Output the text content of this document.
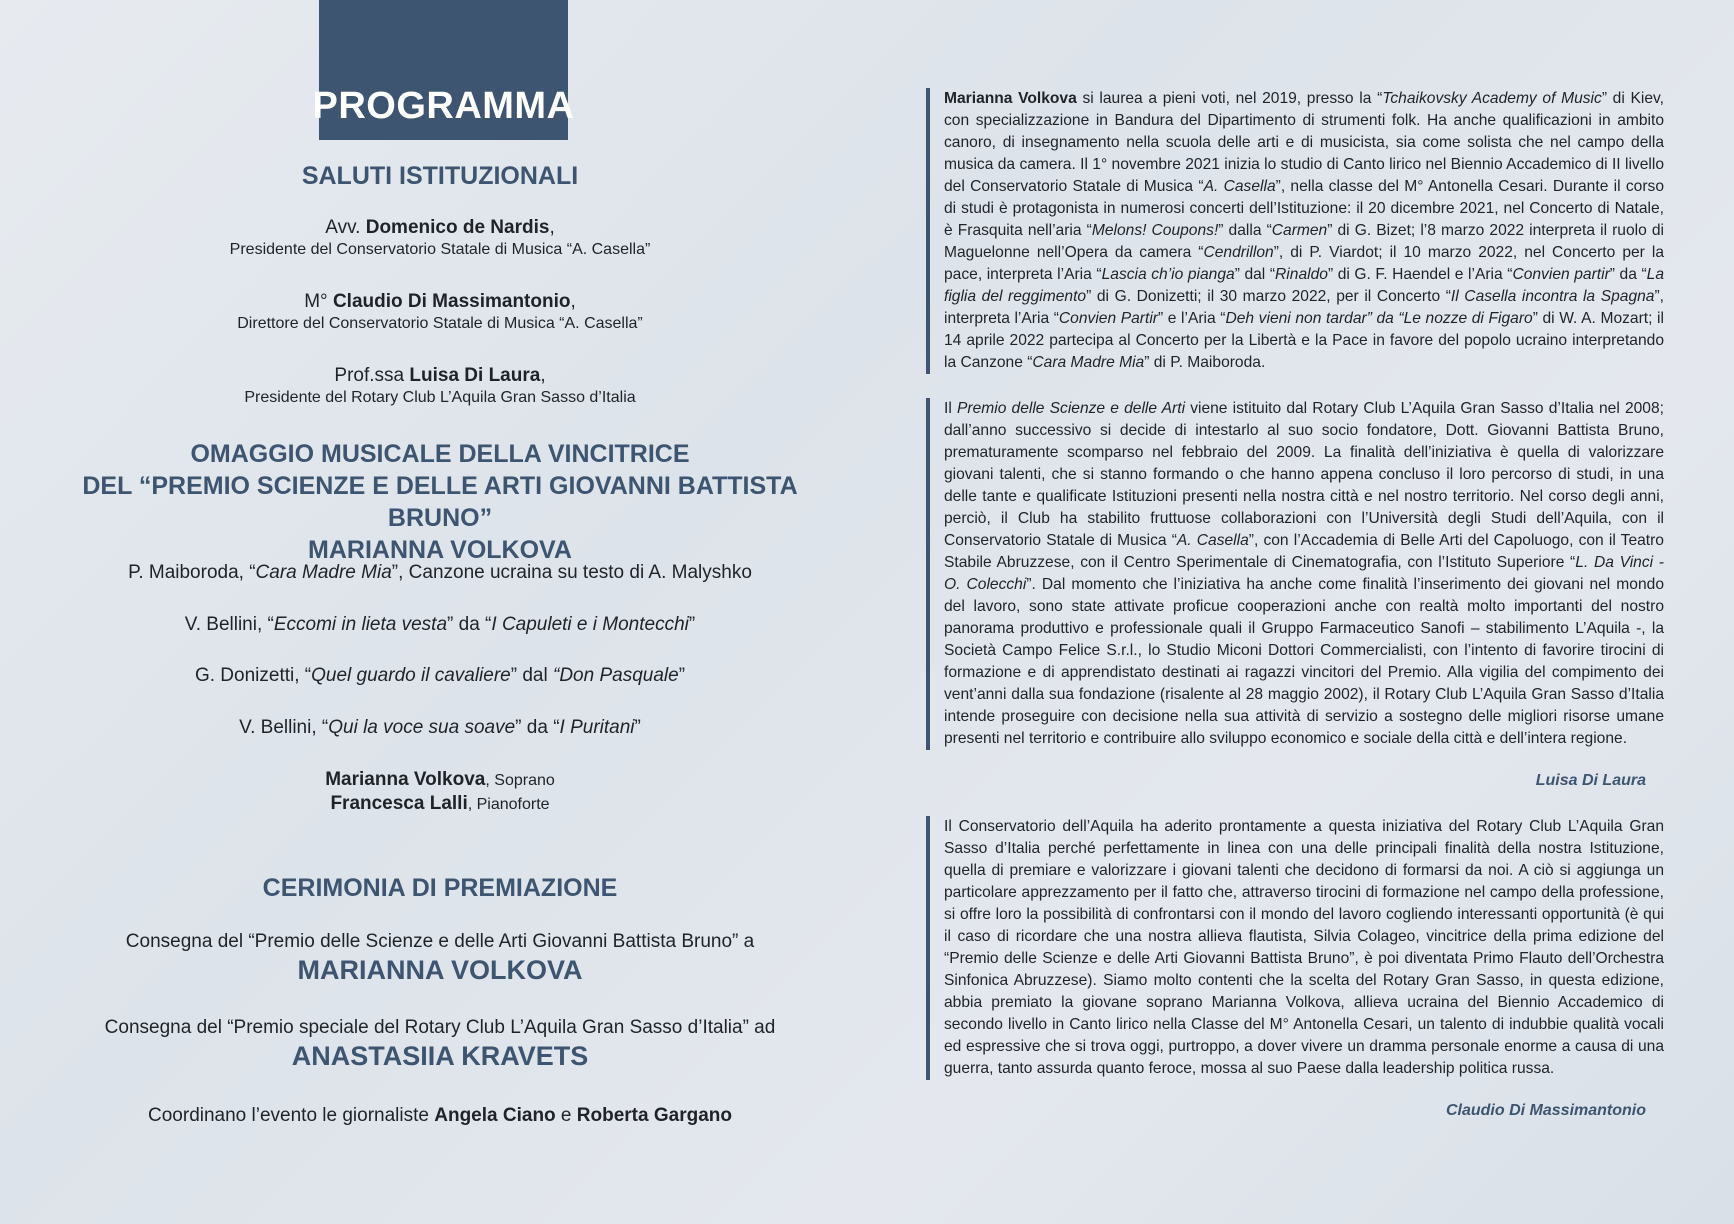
PROGRAMMA
SALUTI ISTITUZIONALI
Avv. Domenico de Nardis,
Presidente del Conservatorio Statale di Musica “A. Casella”
M° Claudio Di Massimantonio,
Direttore del Conservatorio Statale di Musica “A. Casella”
Prof.ssa Luisa Di Laura,
Presidente del Rotary Club L’Aquila Gran Sasso d’Italia
OMAGGIO MUSICALE DELLA VINCITRICE
DEL “PREMIO SCIENZE E DELLE ARTI GIOVANNI BATTISTA BRUNO”
MARIANNA VOLKOVA
P. Maiboroda, “Cara Madre Mia”, Canzone ucraina su testo di A. Malyshko
V. Bellini, “Eccomi in lieta vesta” da “I Capuleti e i Montecchi”
G. Donizetti, “Quel guardo il cavaliere” dal “Don Pasquale”
V. Bellini, “Qui la voce sua soave” da “I Puritani”
Marianna Volkova, Soprano
Francesca Lalli, Pianoforte
CERIMONIA DI PREMIAZIONE
Consegna del “Premio delle Scienze e delle Arti Giovanni Battista Bruno” a
MARIANNA VOLKOVA
Consegna del “Premio speciale del Rotary Club L’Aquila Gran Sasso d’Italia” ad
ANASTASIIA KRAVETS
Coordinano l’evento le giornaliste Angela Ciano e Roberta Gargano

Marianna Volkova si laurea a pieni voti, nel 2019, presso la “Tchaikovsky Academy of Music” di Kiev, con specializzazione in Bandura del Dipartimento di strumenti folk. Ha anche qualificazioni in ambito canoro, di insegnamento nella scuola delle arti e di musicista, sia come solista che nel campo della musica da camera. Il 1° novembre 2021 inizia lo studio di Canto lirico nel Biennio Accademico di II livello del Conservatorio Statale di Musica “A. Casella”, nella classe del M° Antonella Cesari. Durante il corso di studi è protagonista in numerosi concerti dell’Istituzione: il 20 dicembre 2021, nel Concerto di Natale, è Frasquita nell’aria “Melons! Coupons!” dalla “Carmen” di G. Bizet; l’8 marzo 2022 interpreta il ruolo di Maguelonne nell’Opera da camera “Cendrillon”, di P. Viardot; il 10 marzo 2022, nel Concerto per la pace, interpreta l’Aria “Lascia ch’io pianga” dal “Rinaldo” di G. F. Haendel e l’Aria “Convien partir” da “La figlia del reggimento” di G. Donizetti; il 30 marzo 2022, per il Concerto “Il Casella incontra la Spagna”, interpreta l’Aria “Convien Partir” e l’Aria “Deh vieni non tardar” da “Le nozze di Figaro” di W. A. Mozart; il 14 aprile 2022 partecipa al Concerto per la Libertà e la Pace in favore del popolo ucraino interpretando la Canzone “Cara Madre Mia” di P. Maiboroda.

Il Premio delle Scienze e delle Arti viene istituito dal Rotary Club L’Aquila Gran Sasso d’Italia nel 2008; dall’anno successivo si decide di intestarlo al suo socio fondatore, Dott. Giovanni Battista Bruno, prematuramente scomparso nel febbraio del 2009. La finalità dell’iniziativa è quella di valorizzare giovani talenti, che si stanno formando o che hanno appena concluso il loro percorso di studi, in una delle tante e qualificate Istituzioni presenti nella nostra città e nel nostro territorio. Nel corso degli anni, perciò, il Club ha stabilito fruttuose collaborazioni con l’Università degli Studi dell’Aquila, con il Conservatorio Statale di Musica “A. Casella”, con l’Accademia di Belle Arti del Capoluogo, con il Teatro Stabile Abruzzese, con il Centro Sperimentale di Cinematografia, con l’Istituto Superiore “L. Da Vinci - O. Colecchi”. Dal momento che l’iniziativa ha anche come finalità l’inserimento dei giovani nel mondo del lavoro, sono state attivate proficue cooperazioni anche con realtà molto importanti del nostro panorama produttivo e professionale quali il Gruppo Farmaceutico Sanofi – stabilimento L’Aquila -, la Società Campo Felice S.r.l., lo Studio Miconi Dottori Commercialisti, con l’intento di favorire tirocini di formazione e di apprendistato destinati ai ragazzi vincitori del Premio. Alla vigilia del compimento dei vent’anni dalla sua fondazione (risalente al 28 maggio 2002), il Rotary Club L’Aquila Gran Sasso d’Italia intende proseguire con decisione nella sua attività di servizio a sostegno delle migliori risorse umane presenti nel territorio e contribuire allo sviluppo economico e sociale della città e dell’intera regione.

Luisa Di Laura

Il Conservatorio dell’Aquila ha aderito prontamente a questa iniziativa del Rotary Club L’Aquila Gran Sasso d’Italia perché perfettamente in linea con una delle principali finalità della nostra Istituzione, quella di premiare e valorizzare i giovani talenti che decidono di formarsi da noi. A ciò si aggiunga un particolare apprezzamento per il fatto che, attraverso tirocini di formazione nel campo della professione, si offre loro la possibilità di confrontarsi con il mondo del lavoro cogliendo interessanti opportunità (è qui il caso di ricordare che una nostra allieva flautista, Silvia Colageo, vincitrice della prima edizione del “Premio delle Scienze e delle Arti Giovanni Battista Bruno”, è poi diventata Primo Flauto dell’Orchestra Sinfonica Abruzzese). Siamo molto contenti che la scelta del Rotary Gran Sasso, in questa edizione, abbia premiato la giovane soprano Marianna Volkova, allieva ucraina del Biennio Accademico di secondo livello in Canto lirico nella Classe del M° Antonella Cesari, un talento di indubbie qualità vocali ed espressive che si trova oggi, purtroppo, a dover vivere un dramma personale enorme a causa di una guerra, tanto assurda quanto feroce, mossa al suo Paese dalla leadership politica russa.

Claudio Di Massimantonio
